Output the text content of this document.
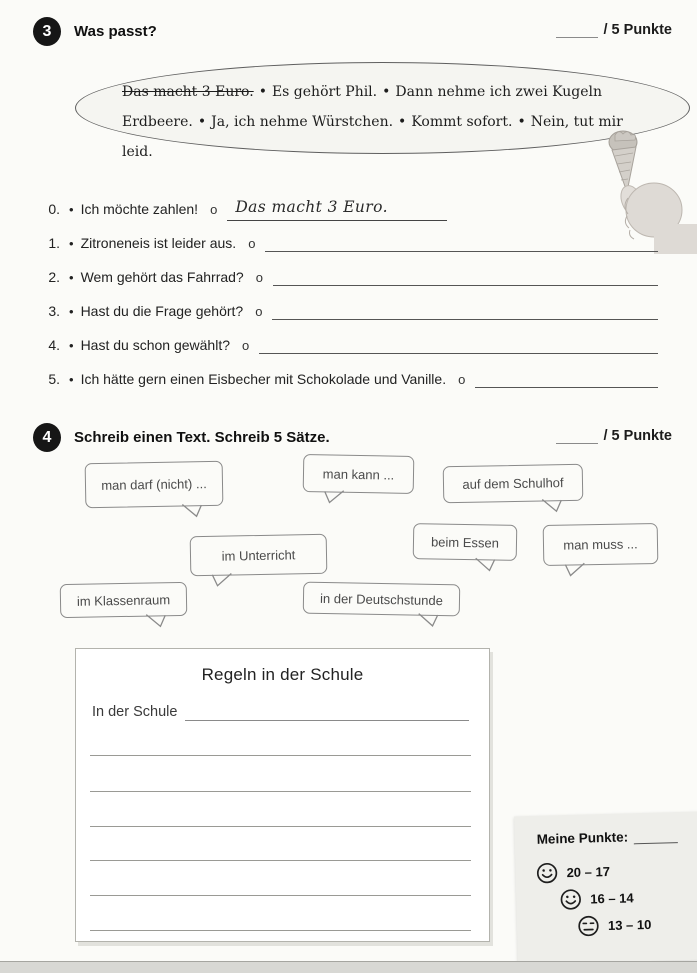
3	Was passt?	/ 5 Punkte
Das macht 3 Euro. • Es gehört Phil. • Dann nehme ich zwei Kugeln Erdbeere. • Ja, ich nehme Würstchen. • Kommt sofort. • Nein, tut mir leid.
0. • Ich möchte zahlen! o	Das macht 3 Euro.
1. • Zitroneneis ist leider aus. o
2. • Wem gehört das Fahrrad? o
3. • Hast du die Frage gehört? o
4. • Hast du schon gewählt? o
5. • Ich hätte gern einen Eisbecher mit Schokolade und Vanille. o
4	Schreib einen Text. Schreib 5 Sätze.	/ 5 Punkte
man darf (nicht) ...
man kann ...
auf dem Schulhof
im Unterricht
beim Essen	man muss ...
im Klassenraum	in der Deutschstunde
Regeln in der Schule
In der Schule
Meine Punkte:
20 – 17
16 – 14
13 – 10
